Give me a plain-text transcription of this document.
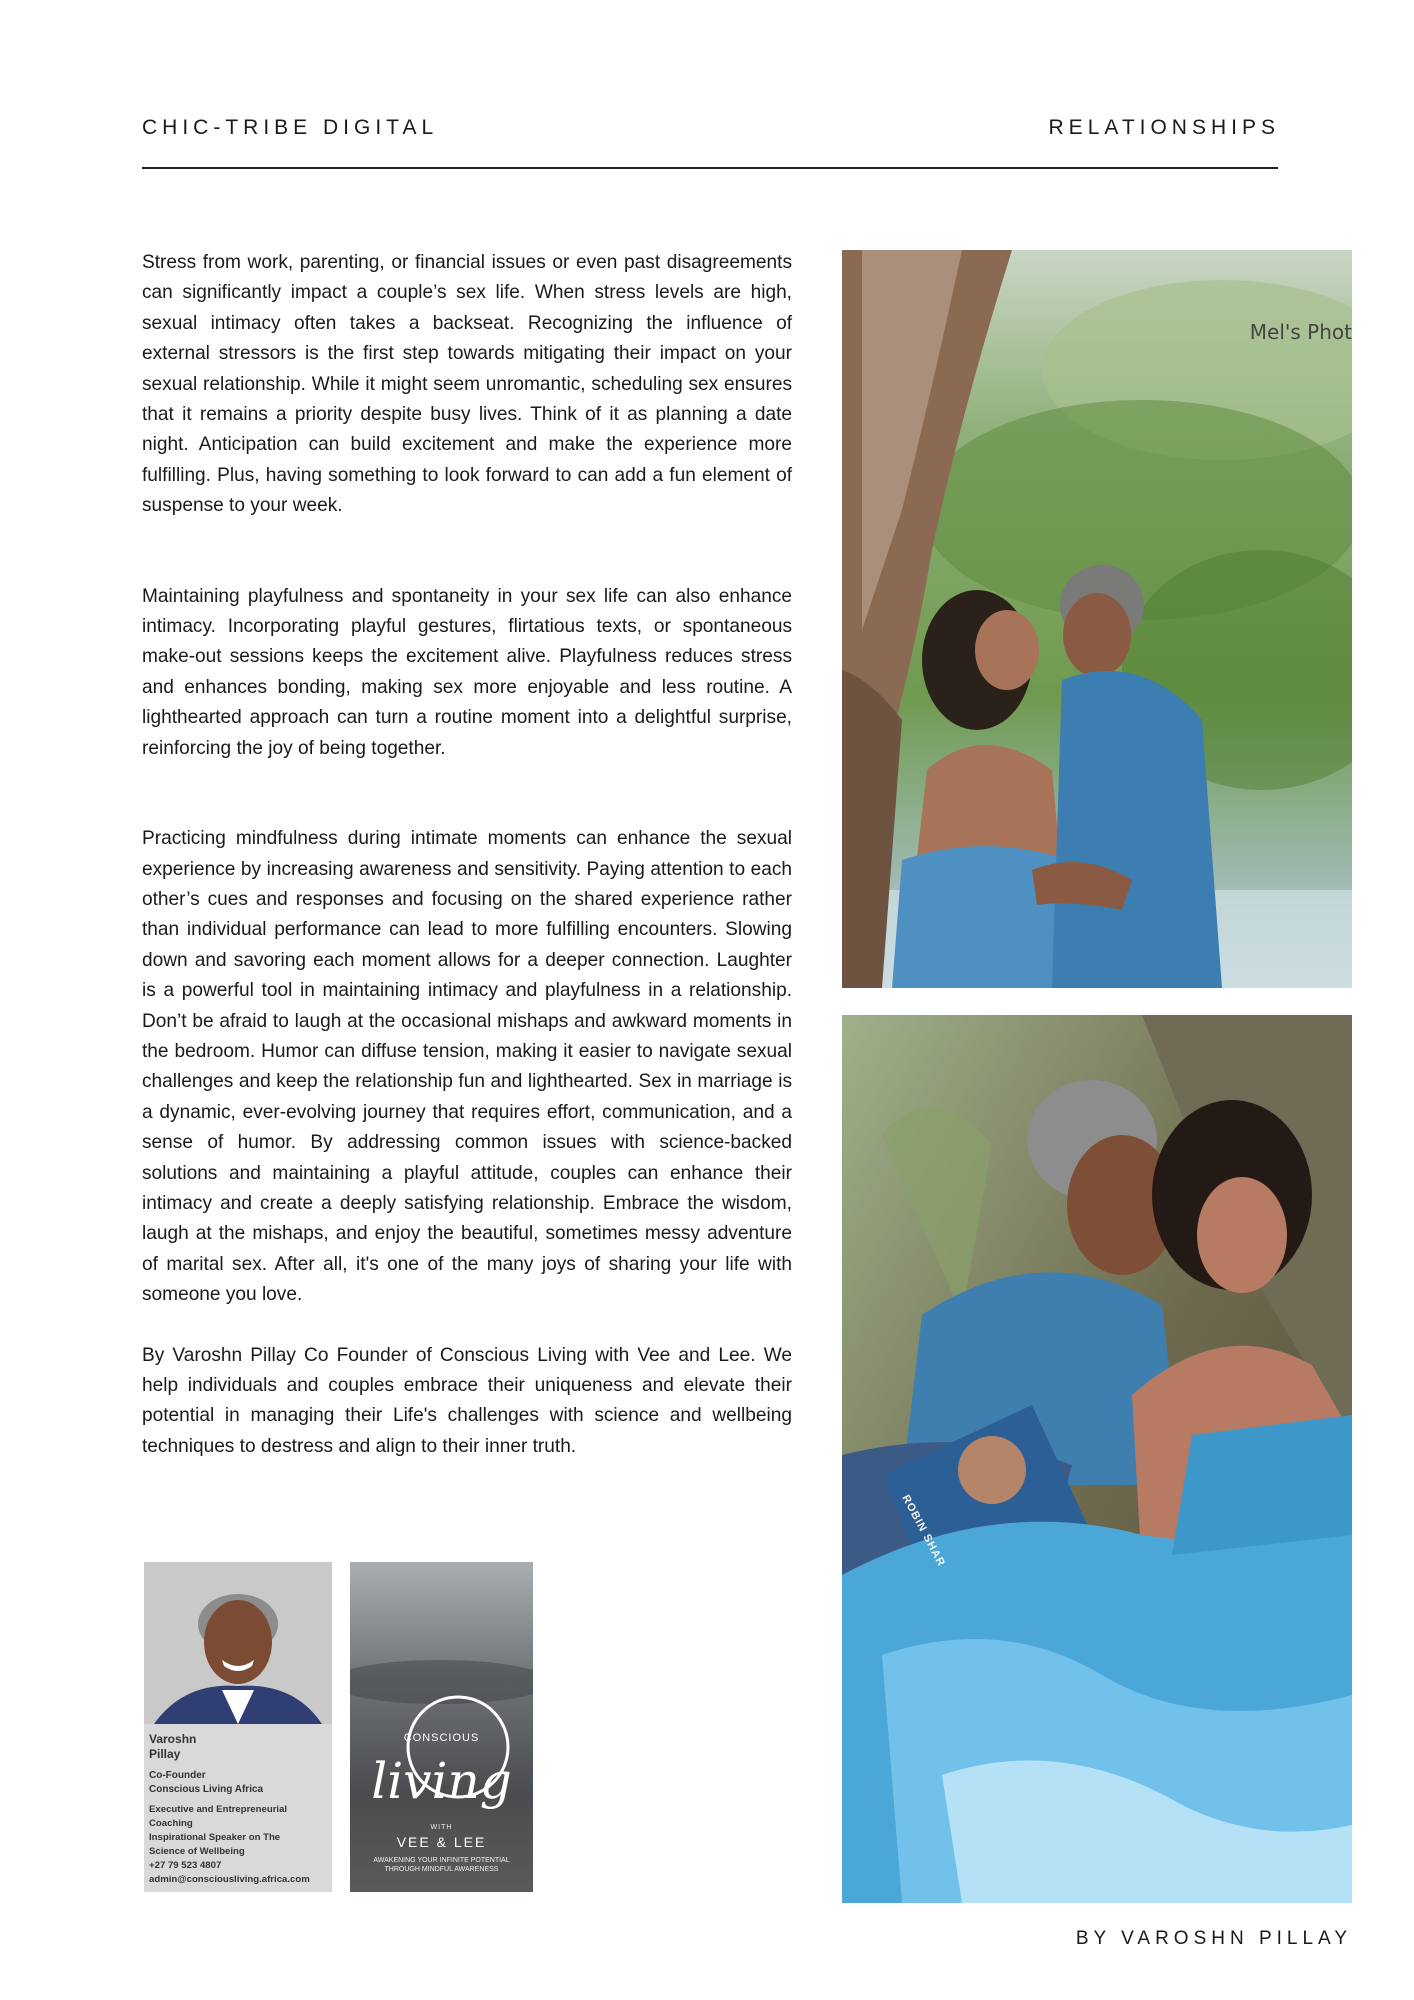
CHIC-TRIBE DIGITAL	RELATIONSHIPS

Stress from work, parenting, or financial issues or even past disagreements can significantly impact a couple’s sex life. When stress levels are high, sexual intimacy often takes a backseat. Recognizing the influence of external stressors is the first step towards mitigating their impact on your sexual relationship. While it might seem unromantic, scheduling sex ensures that it remains a priority despite busy lives. Think of it as planning a date night. Anticipation can build excitement and make the experience more fulfilling. Plus, having something to look forward to can add a fun element of suspense to your week.

Maintaining playfulness and spontaneity in your sex life can also enhance intimacy. Incorporating playful gestures, flirtatious texts, or spontaneous make-out sessions keeps the excitement alive. Playfulness reduces stress and enhances bonding, making sex more enjoyable and less routine. A lighthearted approach can turn a routine moment into a delightful surprise, reinforcing the joy of being together.

Practicing mindfulness during intimate moments can enhance the sexual experience by increasing awareness and sensitivity. Paying attention to each other’s cues and responses and focusing on the shared experience rather than individual performance can lead to more fulfilling encounters. Slowing down and savoring each moment allows for a deeper connection. Laughter is a powerful tool in maintaining intimacy and playfulness in a relationship. Don’t be afraid to laugh at the occasional mishaps and awkward moments in the bedroom. Humor can diffuse tension, making it easier to navigate sexual challenges and keep the relationship fun and lighthearted. Sex in marriage is a dynamic, ever-evolving journey that requires effort, communication, and a sense of humor. By addressing common issues with science-backed solutions and maintaining a playful attitude, couples can enhance their intimacy and create a deeply satisfying relationship. Embrace the wisdom, laugh at the mishaps, and enjoy the beautiful, sometimes messy adventure of marital sex. After all, it's one of the many joys of sharing your life with someone you love.

By Varoshn Pillay Co Founder of Conscious Living with Vee and Lee. We help individuals and couples embrace their uniqueness and elevate their potential in managing their Life's challenges with science and wellbeing techniques to destress and align to their inner truth.

Mel's Phot
ROBIN SHAR
Varoshn
Pillay
Co-Founder
Conscious Living Africa
Executive and Entrepreneurial
Coaching
Inspirational Speaker on The
Science of Wellbeing
+27 79 523 4807
admin@consciousliving.africa.com
CONSCIOUS
living
WITH
VEE & LEE
AWAKENING YOUR INFINITE POTENTIAL
THROUGH MINDFUL AWARENESS
BY VAROSHN PILLAY
